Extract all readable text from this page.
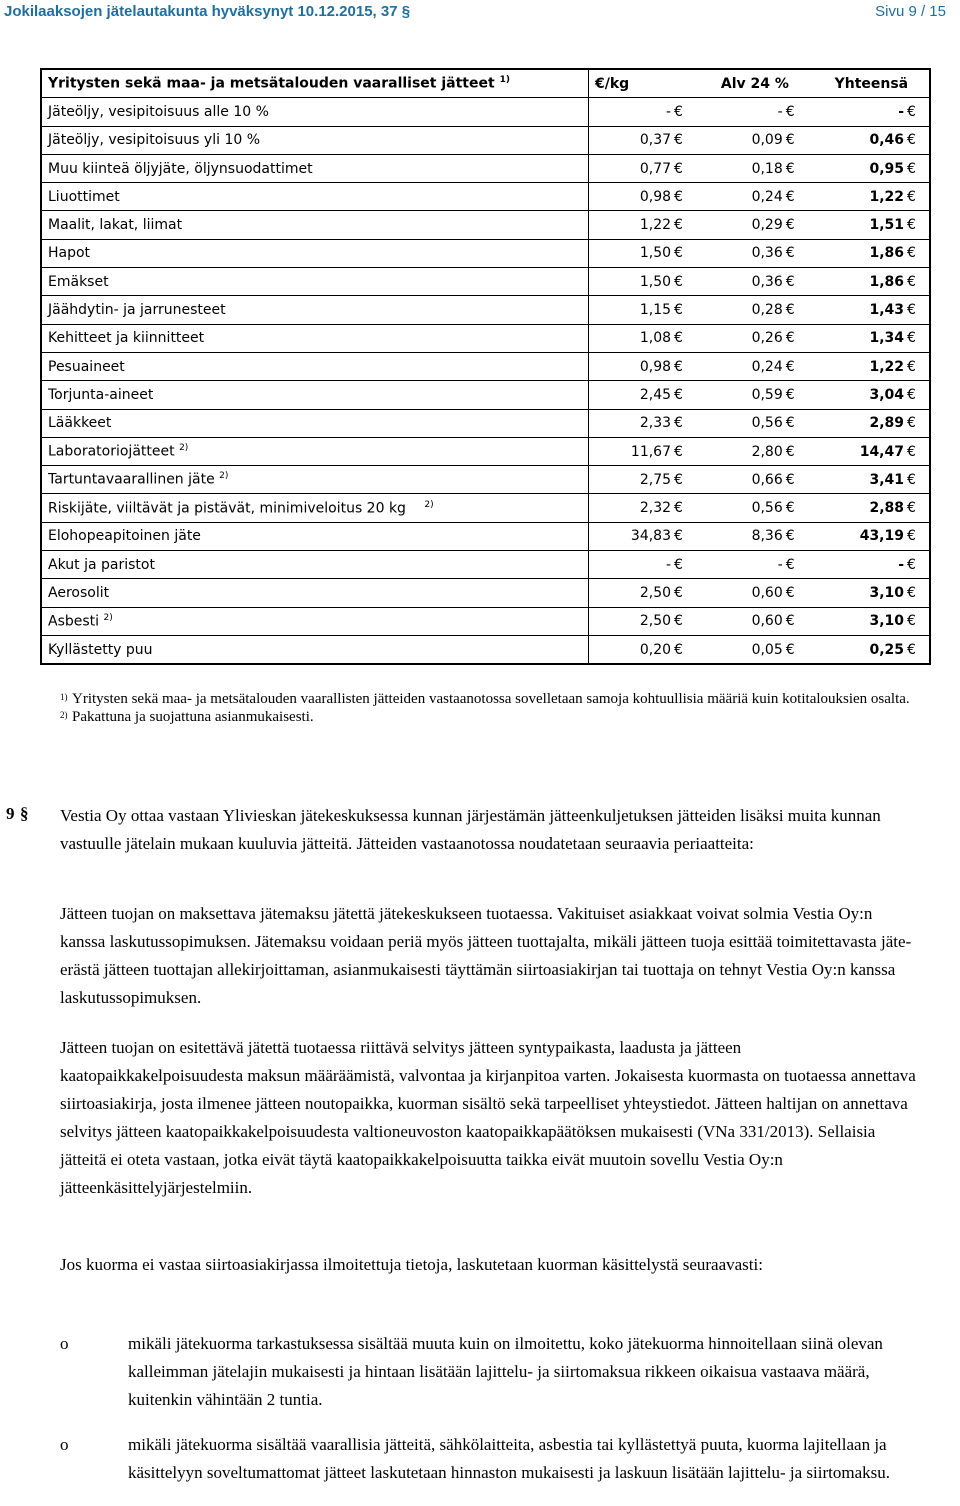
Jokilaaksojen jätelautakunta hyväksynyt 10.12.2015, 37 §	Sivu 9 / 15
Yritysten sekä maa- ja metsätalouden vaaralliset jätteet $^{1)}$	€/kg		Alv 24 %		Yhteensä	
Jäteöljy, vesipitoisuus alle 10 %	-	€	-	€	-	€
Jäteöljy, vesipitoisuus yli 10 %	0,37	€	0,09	€	0,46	€
Muu kiinteä öljyjäte, öljynsuodattimet	0,77	€	0,18	€	0,95	€
Liuottimet	0,98	€	0,24	€	1,22	€
Maalit, lakat, liimat	1,22	€	0,29	€	1,51	€
Hapot	1,50	€	0,36	€	1,86	€
Emäkset	1,50	€	0,36	€	1,86	€
Jäähdytin- ja jarrunesteet	1,15	€	0,28	€	1,43	€
Kehitteet ja kiinnitteet	1,08	€	0,26	€	1,34	€
Pesuaineet	0,98	€	0,24	€	1,22	€
Torjunta-aineet	2,45	€	0,59	€	3,04	€
Lääkkeet	2,33	€	0,56	€	2,89	€
Laboratoriojätteet $^{2)}$	11,67	€	2,80	€	14,47	€
Tartuntavaarallinen jäte $^{2)}$	2,75	€	0,66	€	3,41	€
Riskijäte, viiltävät ja pistävät, minimiveloitus 20 kg $^{2)}$	2,32	€	0,56	€	2,88	€
Elohopeapitoinen jäte	34,83	€	8,36	€	43,19	€
Akut ja paristot	-	€	-	€	-	€
Aerosolit	2,50	€	0,60	€	3,10	€
Asbesti $^{2)}$	2,50	€	0,60	€	3,10	€
Kyllästetty puu	0,20	€	0,05	€	0,25	€
1) Yritysten sekä maa- ja metsätalouden vaarallisten jätteiden vastaanotossa sovelletaan samoja kohtuullisia määriä kuin kotitalouksien osalta.
2) Pakattuna ja suojattuna asianmukaisesti.
9 § Vestia Oy ottaa vastaan Ylivieskan jätekeskuksessa kunnan järjestämän jätteenkuljetuksen jätteiden lisäksi muita kunnan vastuulle jätelain mukaan kuuluvia jätteitä. Jätteiden vastaanotossa noudatetaan seuraavia periaatteita:
Jätteen tuojan on maksettava jätemaksu jätettä jätekeskukseen tuotaessa. Vakituiset asiakkaat voivat solmia Vestia Oy:n kanssa laskutussopimuksen. Jätemaksu voidaan periä myös jätteen tuottajalta, mikäli jätteen tuoja esittää toimitettavasta jäte-erästä jätteen tuottajan allekirjoittaman, asianmukaisesti täyttämän siirtoasiakirjan tai tuottaja on tehnyt Vestia Oy:n kanssa laskutussopimuksen.
Jätteen tuojan on esitettävä jätettä tuotaessa riittävä selvitys jätteen syntypaikasta, laadusta ja jätteen kaatopaikkakelpoisuudesta maksun määräämistä, valvontaa ja kirjanpitoa varten. Jokaisesta kuormasta on tuotaessa annettava siirtoasiakirja, josta ilmenee jätteen noutopaikka, kuorman sisältö sekä tarpeelliset yhteystiedot. Jätteen haltijan on annettava selvitys jätteen kaatopaikkakelpoisuudesta valtioneuvoston kaatopaikkapäätöksen mukaisesti (VNa 331/2013). Sellaisia jätteitä ei oteta vastaan, jotka eivät täytä kaatopaikkakelpoisuutta taikka eivät muutoin sovellu Vestia Oy:n jätteenkäsittelyjärjestelmiin.
Jos kuorma ei vastaa siirtoasiakirjassa ilmoitettuja tietoja, laskutetaan kuorman käsittelystä seuraavasti:
o	mikäli jätekuorma tarkastuksessa sisältää muuta kuin on ilmoitettu, koko jätekuorma hinnoitellaan siinä olevan kalleimman jätelajin mukaisesti ja hintaan lisätään lajittelu- ja siirtomaksua rikkeen oikaisua vastaava määrä, kuitenkin vähintään 2 tuntia.
o	mikäli jätekuorma sisältää vaarallisia jätteitä, sähkölaitteita, asbestia tai kyllästettyä puuta, kuorma lajitellaan ja käsittelyyn soveltumattomat jätteet laskutetaan hinnaston mukaisesti ja laskuun lisätään lajittelu- ja siirtomaksu.
